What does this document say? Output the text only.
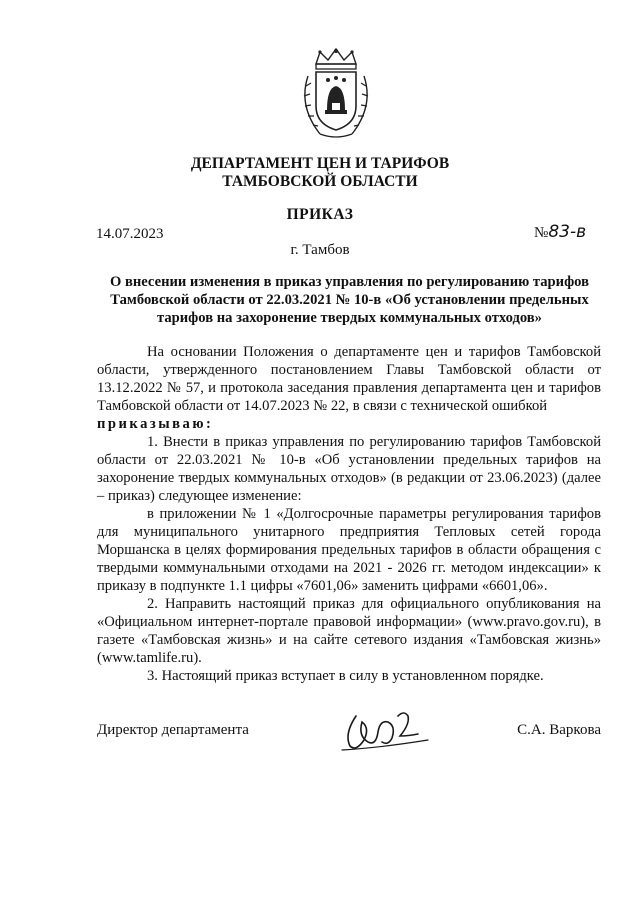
ДЕПАРТАМЕНТ ЦЕН И ТАРИФОВ
ТАМБОВСКОЙ ОБЛАСТИ
ПРИКАЗ
14.07.2023	№83-в
г. Тамбов
О внесении изменения в приказ управления по регулированию тарифов Тамбовской области от 22.03.2021 № 10-в «Об установлении предельных тарифов на захоронение твердых коммунальных отходов»

На основании Положения о департаменте цен и тарифов Тамбовской области, утвержденного постановлением Главы Тамбовской области от 13.12.2022 № 57, и протокола заседания правления департамента цен и тарифов Тамбовской области от 14.07.2023 № 22, в связи с технической ошибкой

приказываю:

1. Внести в приказ управления по регулированию тарифов Тамбовской области от 22.03.2021 № 10-в «Об установлении предельных тарифов на захоронение твердых коммунальных отходов» (в редакции от 23.06.2023) (далее – приказ) следующее изменение:

в приложении № 1 «Долгосрочные параметры регулирования тарифов для муниципального унитарного предприятия Тепловых сетей города Моршанска в целях формирования предельных тарифов в области обращения с твердыми коммунальными отходами на 2021 - 2026 гг. методом индексации» к приказу в подпункте 1.1 цифры «7601,06» заменить цифрами «6601,06».

2. Направить настоящий приказ для официального опубликования на «Официальном интернет-портале правовой информации» (www.pravo.gov.ru), в газете «Тамбовская жизнь» и на сайте сетевого издания «Тамбовская жизнь» (www.tamlife.ru).

3. Настоящий приказ вступает в силу в установленном порядке.

Директор департамента	С.А. Варкова
